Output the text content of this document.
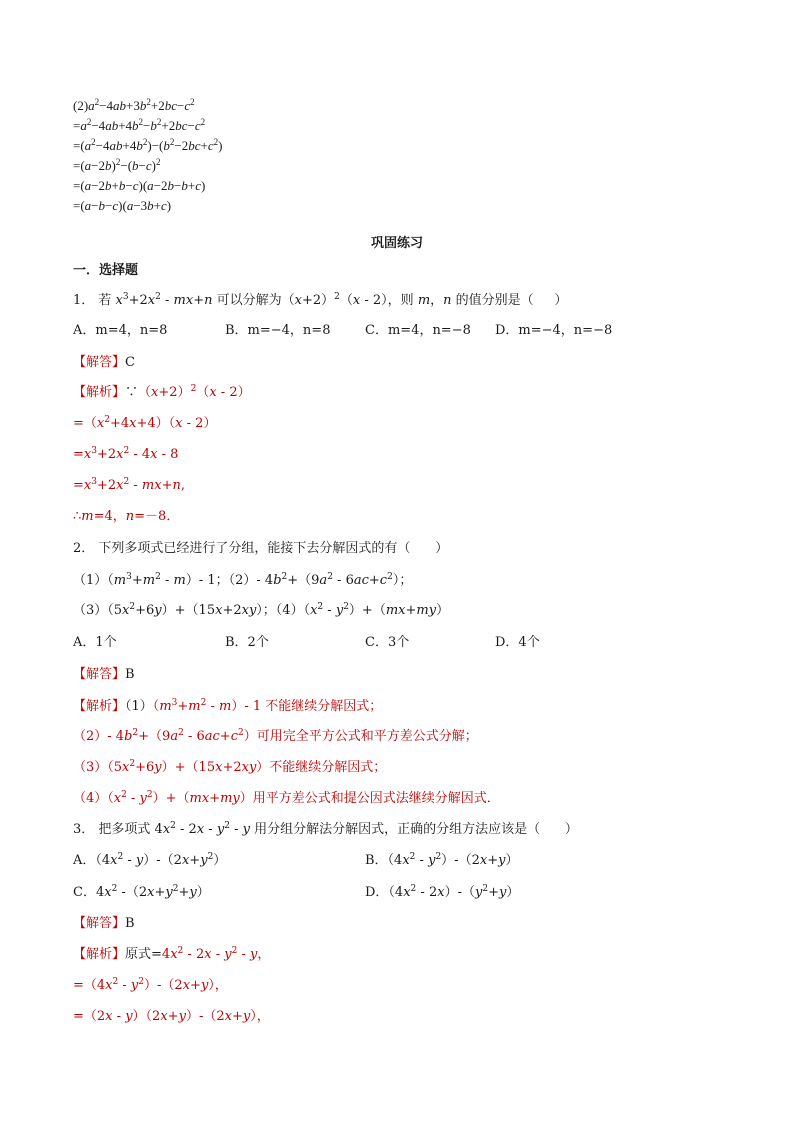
$(2)a^2-4ab+3b^2+2bc-c^2$
$=a^2-4ab+4b^2-b^2+2bc-c^2$
$=(a^2-4ab+4b^2)-(b^2-2bc+c^2)$
$=(a-2b)^2-(b-c)^2$
=(a−2b+b−c)(a−2b−b+c)
=(a−b−c)(a−3b+c)
巩固练习
一．选择题
1． 若 $x^3+2x^2 - mx+n$ 可以分解为$(x+2)^2(x - 2)$，则 m，n 的值分别是（     ）
A．m=4，n=8	B．m=−4，n=8	C．m=4，n=−8 D．m=−4，n=−8
【解答】C
【解析】$\because(x+2)^2(x - 2)$
$=(x^2+4x+4)(x - 2)$
$=x^3+2x^2 - 4x - 8$
$=x^3+2x^2 - mx+n$,
∴m=4，n=－8．
2． 下列多项式已经进行了分组，能接下去分解因式的有（      ）
$(1)(m^3+m^2 - m)-$ 1；（2）- $4b^2+(9a^2 - 6ac+c^2)$；
$(3)(5x^2+6y)+(15x+2xy)$；$(4)(x^2 - y^2)+(mx+my)$
A．1个	B．2个	C．3个	D．4个
【解答】B
【解析】$(1)(m^3+m^2 - m)-$ 1 不能继续分解因式；
（2）- $4b^2+(9a^2 - 6ac+c^2)$可用完全平方公式和平方差公式分解；
$(3)(5x^2+6y)+(15x+2xy)$不能继续分解因式；
$(4)(x^2 - y^2)+(mx+my)$用平方差公式和提公因式法继续分解因式．
3． 把多项式 $4x^2 - 2x - y^2$ - y 用分组分解法分解因式，正确的分组方法应该是（      ）
A．$(4x^2 - y)-(2x+y^2)$	B．$(4x^2 - y^2)-(2x+y)$
C．$4x^2$ $-(2x+y^2+y)$	D．$(4x^2 - 2x)-(y^2+y)$
【解答】B
【解析】原式$=4x^2 - 2x - y^2 - y$，
$=(4x^2 - y^2)-(2x+y)$，
=（2x - y）（2x+y）-（2x+y），
